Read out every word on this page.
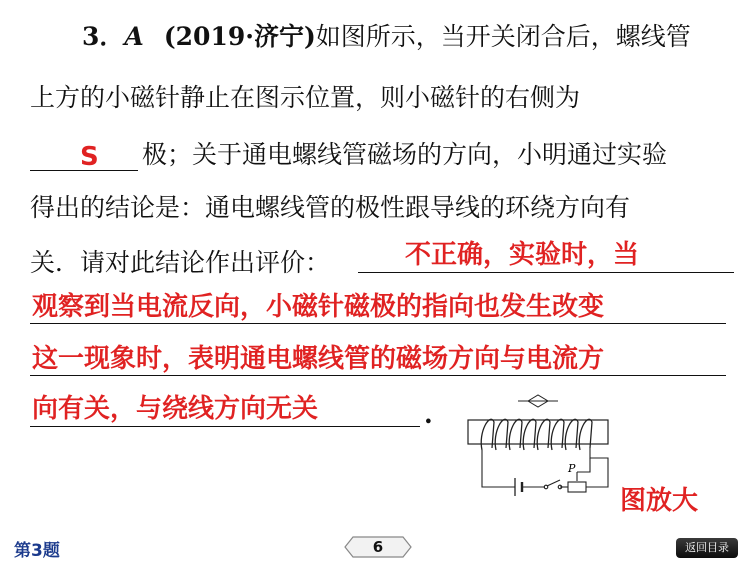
3．A (2019·济宁)如图所示，当开关闭合后，螺线管
上方的小磁针静止在图示位置，则小磁针的右侧为
S 极；关于通电螺线管磁场的方向，小明通过实验
得出的结论是：通电螺线管的极性跟导线的环绕方向有
关．请对此结论作出评价：	不正确，实验时，当
观察到当电流反向，小磁针磁极的指向也发生改变
这一现象时，表明通电螺线管的磁场方向与电流方
向有关，与绕线方向无关	.
P
图放大
第3题	6	返回目录
